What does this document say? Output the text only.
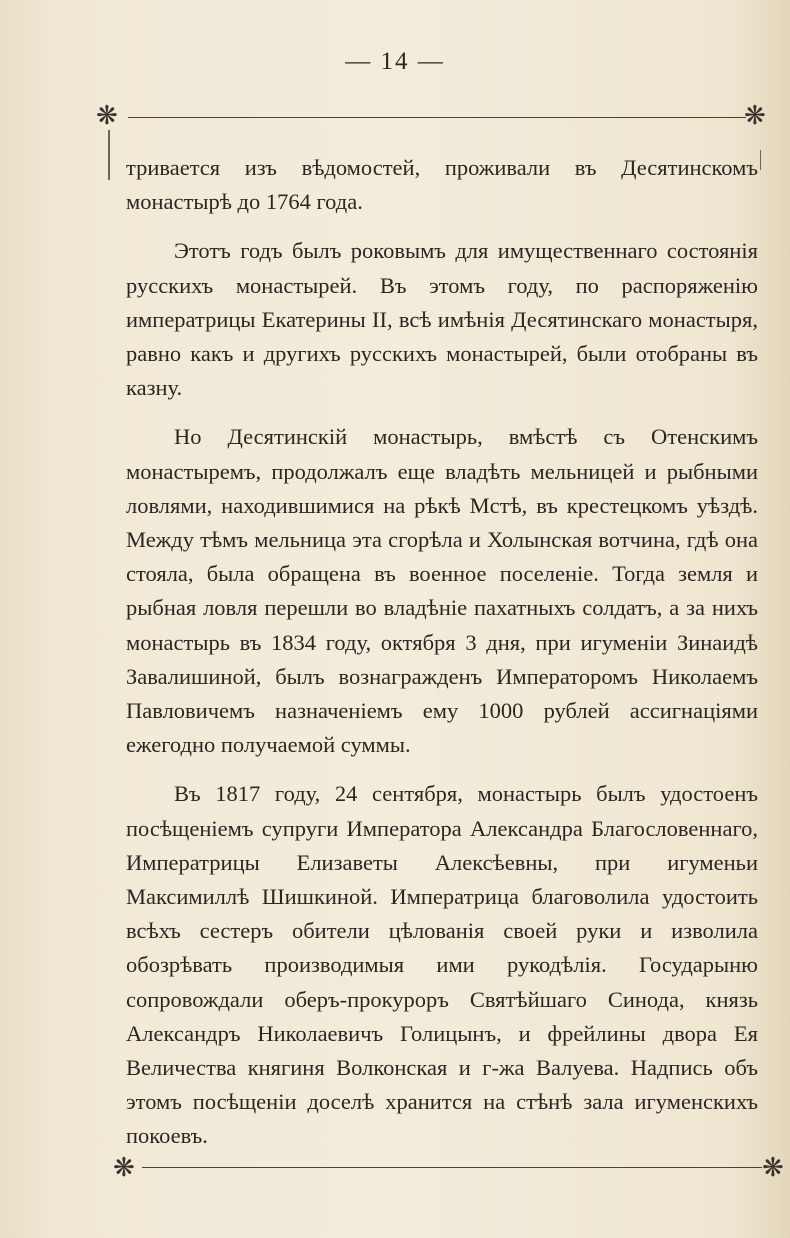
— 14 —
❋	❋

тривается изъ вѣдомостей, проживали въ Десятинскомъ монастырѣ до 1764 года.

Этотъ годъ былъ роковымъ для имущественнаго состоянія русскихъ монастырей. Въ этомъ году, по распоряженію императрицы Екатерины II, всѣ имѣнія Десятинскаго монастыря, равно какъ и другихъ русскихъ монастырей, были отобраны въ казну.

Но Десятинскій монастырь, вмѣстѣ съ Отенскимъ монастыремъ, продолжалъ еще владѣть мельницей и рыбными ловлями, находившимися на рѣкѣ Мстѣ, въ крестецкомъ уѣздѣ. Между тѣмъ мельница эта сгорѣла и Холынская вотчина, гдѣ она стояла, была обращена въ военное поселеніе. Тогда земля и рыбная ловля перешли во владѣніе пахатныхъ солдатъ, а за нихъ монастырь въ 1834 году, октября 3 дня, при игуменіи Зинаидѣ Завалишиной, былъ вознагражденъ Императоромъ Николаемъ Павловичемъ назначеніемъ ему 1000 рублей ассигнаціями ежегодно получаемой суммы.

Въ 1817 году, 24 сентября, монастырь былъ удостоенъ посѣщеніемъ супруги Императора Александра Благословеннаго, Императрицы Елизаветы Алексѣевны, при игуменьи Максимиллѣ Шишкиной. Императрица благоволила удостоить всѣхъ сестеръ обители цѣлованія своей руки и изволила обозрѣвать производимыя ими рукодѣлія. Государыню сопровождали оберъ-прокуроръ Святѣйшаго Синода, князь Александръ Николаевичъ Голицынъ, и фрейлины двора Ея Величества княгиня Волконская и г-жа Валуева. Надпись объ этомъ посѣщеніи доселѣ хранится на стѣнѣ зала игуменскихъ покоевъ.

❋	❋
